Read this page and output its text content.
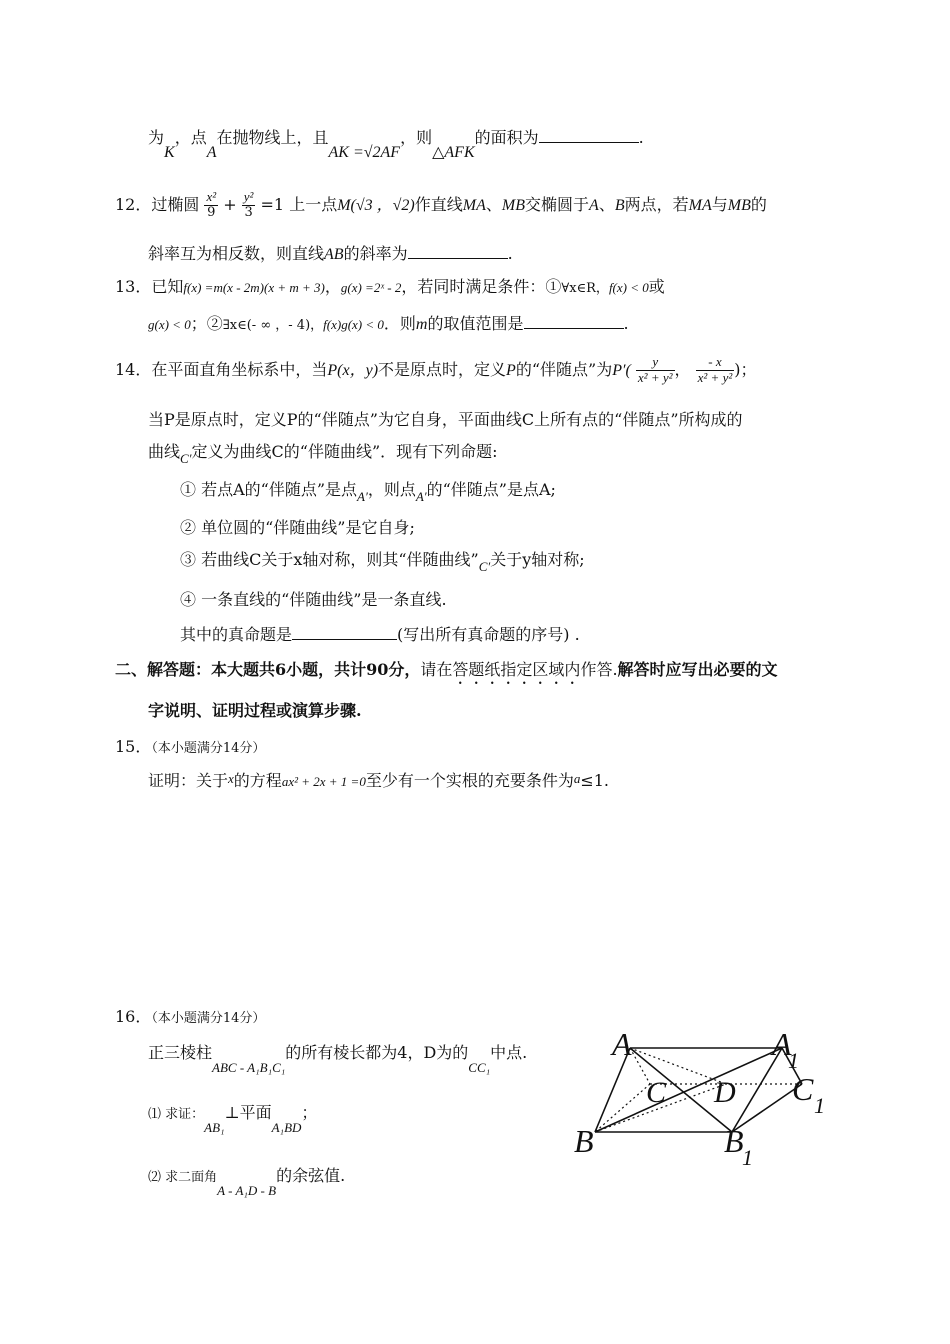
为K，点A在抛物线上，且AK =√2AF，则△AFK的面积为	.
12．过椭圆 $\frac{\text{x²}}{9} + \frac{\text{y²}}{3} =1$ 上一点M(√3 ，√2)作直线MA、MB交椭圆于A、B两点，若MA与MB的
斜率互为相反数，则直线AB的斜率为	.
13．已知f(x) =m(x - 2m)(x + m + 3)，g(x) =2ˣ - 2，若同时满足条件：①∀x∈R，f(x) < 0或
g(x) < 0；②∃x∈(- ∞ ，- 4)，f(x)g(x) < 0．则m的取值范围是	.
14．在平面直角坐标系中，当P(x，y)不是原点时，定义P的“伴随点”为$P'( \frac{y}{\text{x² + y²}}$ ， $\frac{- x}{\text{x² + y²}}$ )；
当P是原点时，定义P的“伴随点”为它自身，平面曲线C上所有点的“伴随点”所构成的
曲线$_{C'}$定义为曲线C的“伴随曲线”．现有下列命题:
① 若点A的“伴随点”是点$_{A'}$，则点$_{A'}$的“伴随点”是点A;
② 单位圆的“伴随曲线”是它自身;
③ 若曲线C关于x轴对称，则其“伴随曲线$”_{C'}$关于y轴对称;
④ 一条直线的“伴随曲线”是一条直线.
其中的真命题是	(写出所有真命题的序号) .
二、解答题：本大题共6小题，共计90分，请在答题纸指定区域内作答.解答时应写出必要的文
字说明、证明过程或演算步骤.
15．（本小题满分14分）
证明：关于x的方程ax² + 2x + 1 =0至少有一个实根的充要条件为a≤1.
16．（本小题满分14分）
正三棱柱$_{ABC - A_1B_1C_1}$的所有棱长都为4，D为的$_{CC_1}$中点.
⑴ 求证：$_{AB_1}$⊥平面$_{A_1BD}$；
⑵ 求二面角$_{A - A_1D - B}$的余弦值.
A	A
1
C D C 1
B	B
1
